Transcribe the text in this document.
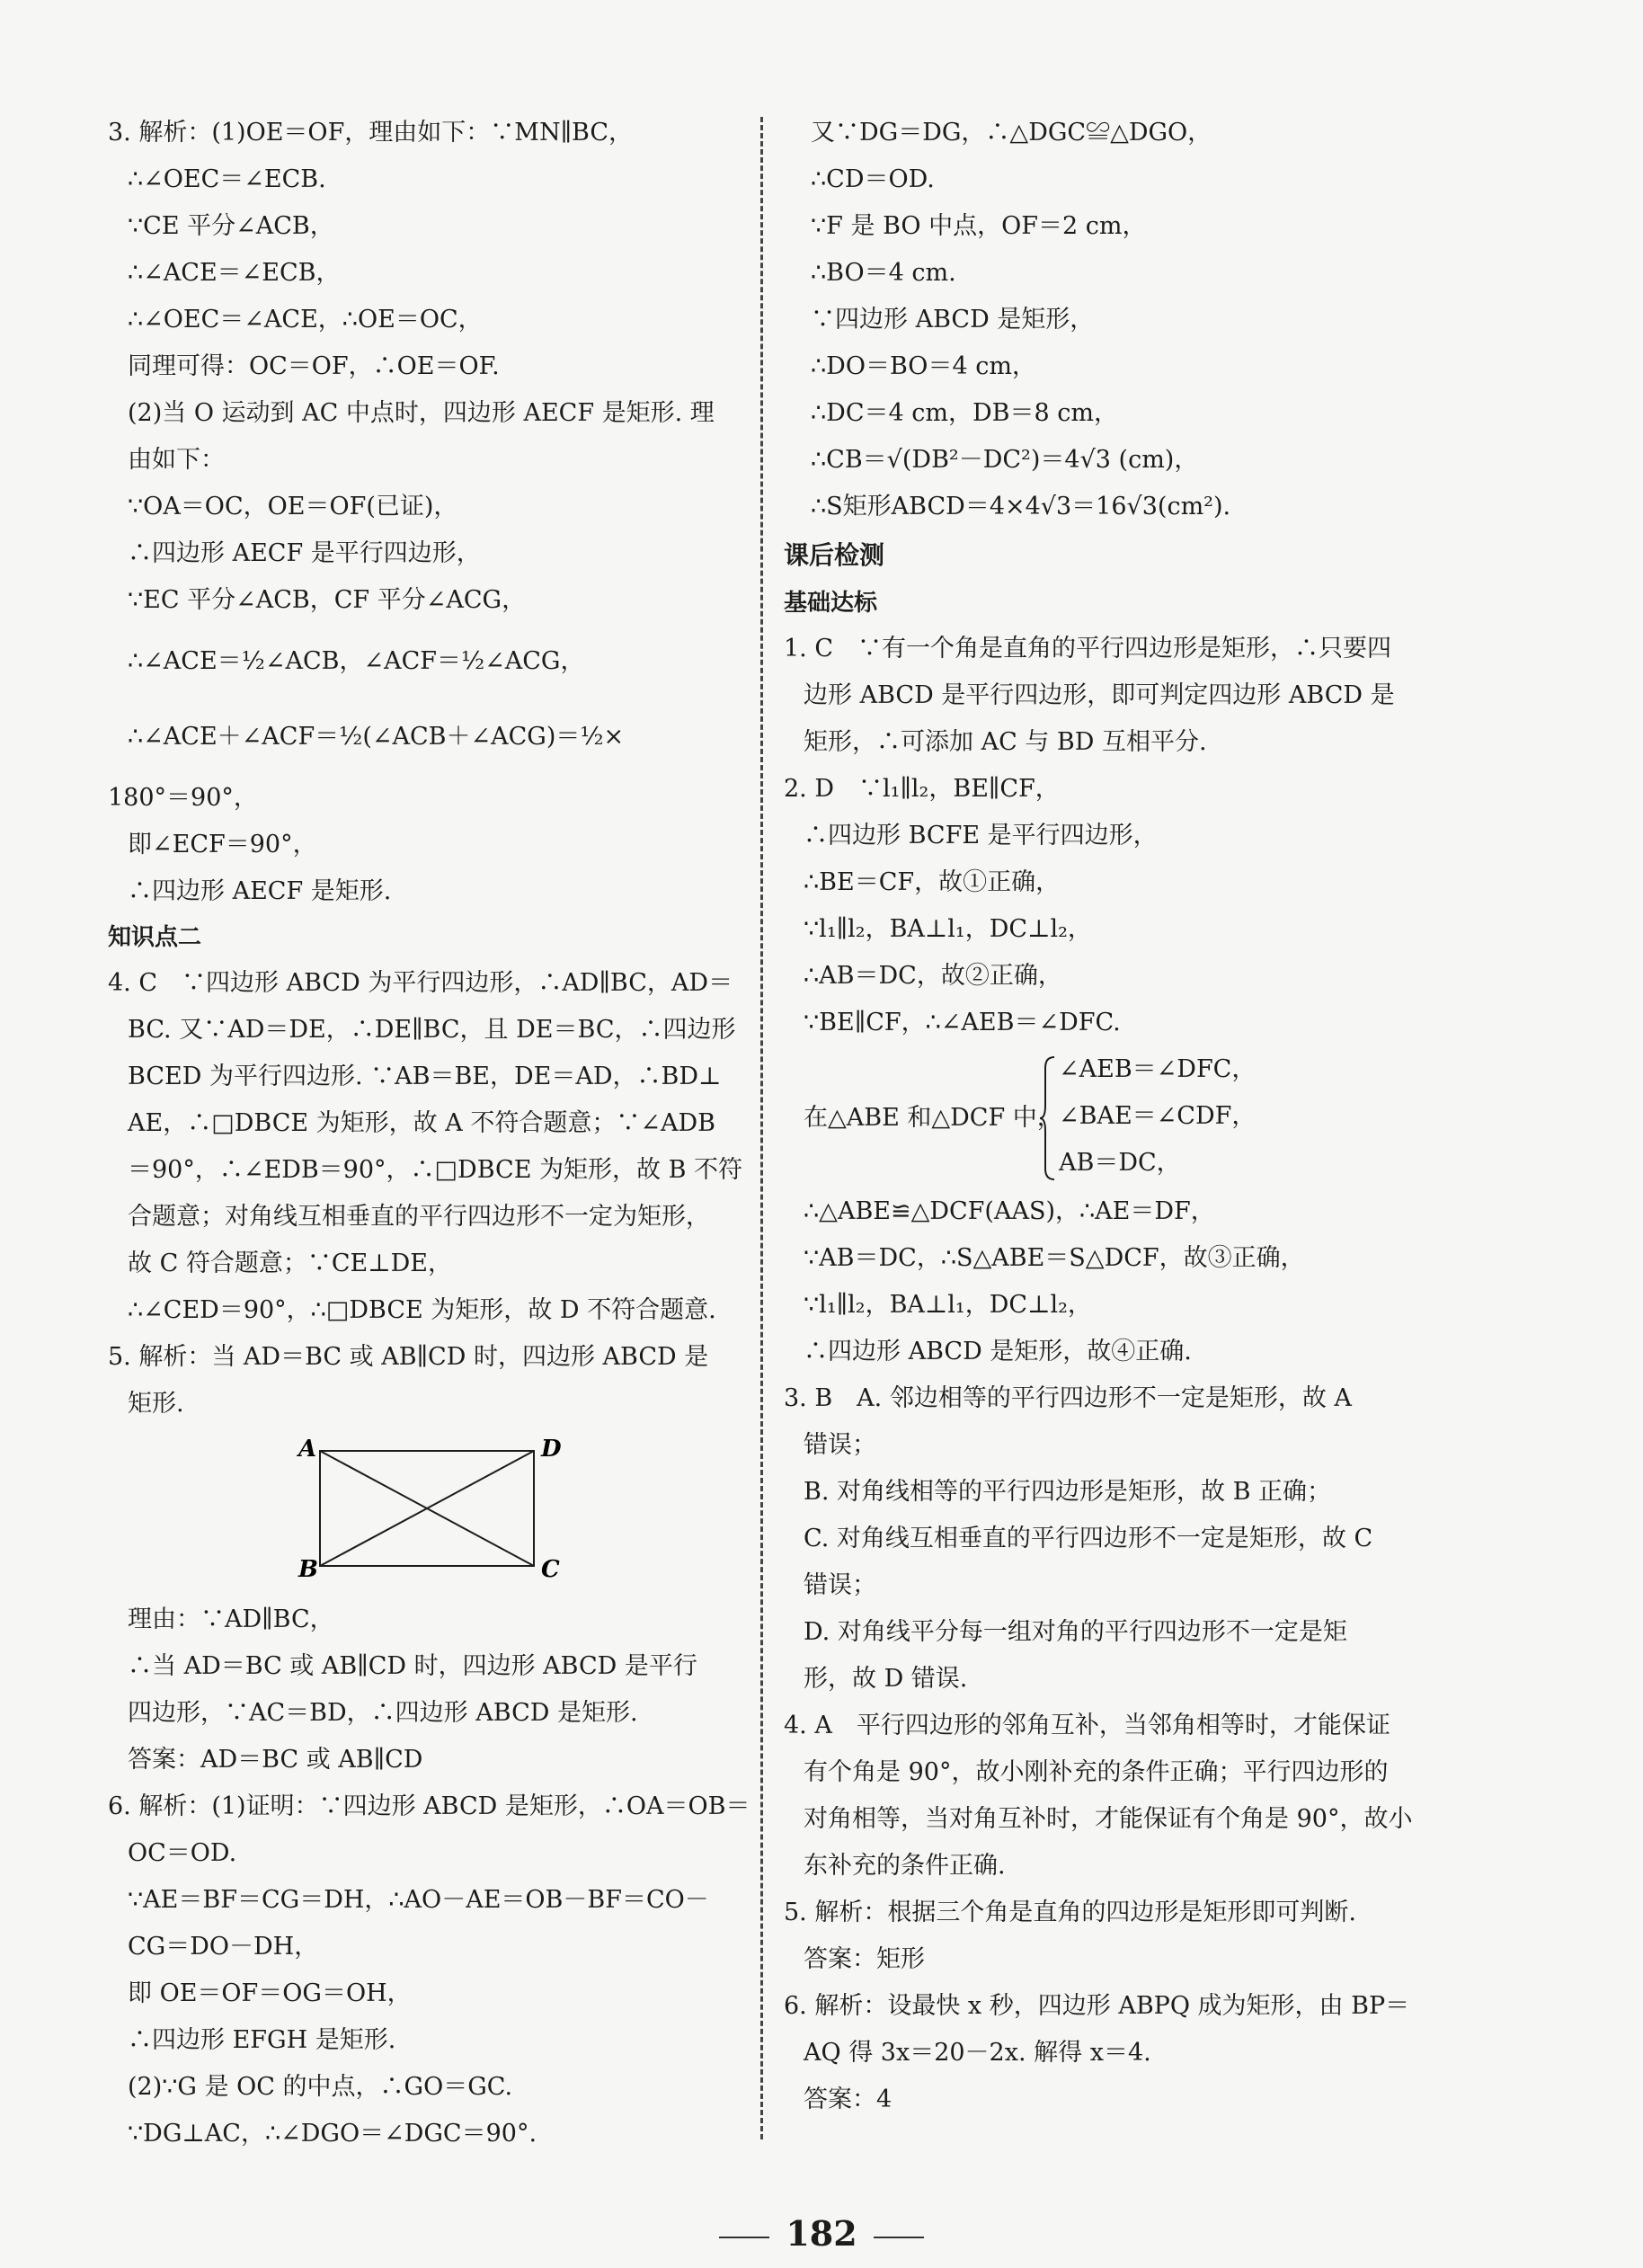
3. 解析：(1)OE＝OF，理由如下：∵MN∥BC，
∴∠OEC＝∠ECB.
∵CE 平分∠ACB，
∴∠ACE＝∠ECB，
∴∠OEC＝∠ACE，∴OE＝OC，
同理可得：OC＝OF，∴OE＝OF.
(2)当 O 运动到 AC 中点时，四边形 AECF 是矩形. 理
由如下：
∵OA＝OC，OE＝OF(已证)，
∴四边形 AECF 是平行四边形，
∵EC 平分∠ACB，CF 平分∠ACG，
∴∠ACE＝½∠ACB，∠ACF＝½∠ACG，
∴∠ACE＋∠ACF＝½(∠ACB＋∠ACG)＝½×
180°＝90°，
即∠ECF＝90°，
∴四边形 AECF 是矩形.
知识点二
4. C　∵四边形 ABCD 为平行四边形，∴AD∥BC，AD＝
BC. 又∵AD＝DE，∴DE∥BC，且 DE＝BC，∴四边形
BCED 为平行四边形. ∵AB＝BE，DE＝AD，∴BD⊥
AE，∴□DBCE 为矩形，故 A 不符合题意；∵∠ADB
＝90°，∴∠EDB＝90°，∴□DBCE 为矩形，故 B 不符
合题意；对角线互相垂直的平行四边形不一定为矩形，
故 C 符合题意；∵CE⊥DE，
∴∠CED＝90°，∴□DBCE 为矩形，故 D 不符合题意.
5. 解析：当 AD＝BC 或 AB∥CD 时，四边形 ABCD 是
矩形.
A	D
B	C
理由：∵AD∥BC，
∴当 AD＝BC 或 AB∥CD 时，四边形 ABCD 是平行
四边形，∵AC＝BD，∴四边形 ABCD 是矩形.
答案：AD＝BC 或 AB∥CD
6. 解析：(1)证明：∵四边形 ABCD 是矩形，∴OA＝OB＝
OC＝OD.
∵AE＝BF＝CG＝DH，∴AO－AE＝OB－BF＝CO－
CG＝DO－DH，
即 OE＝OF＝OG＝OH，
∴四边形 EFGH 是矩形.
(2)∵G 是 OC 的中点，∴GO＝GC.
∵DG⊥AC，∴∠DGO＝∠DGC＝90°.
又∵DG＝DG，∴△DGC≌△DGO，
∴CD＝OD.
∵F 是 BO 中点，OF＝2 cm，
∴BO＝4 cm.
∵四边形 ABCD 是矩形，
∴DO＝BO＝4 cm，
∴DC＝4 cm，DB＝8 cm，
∴CB＝√(DB²－DC²)＝4√3 (cm)，
∴S矩形ABCD＝4×4√3＝16√3(cm²).
课后检测
基础达标
1. C　∵有一个角是直角的平行四边形是矩形，∴只要四
边形 ABCD 是平行四边形，即可判定四边形 ABCD 是
矩形，∴可添加 AC 与 BD 互相平分.
2. D　∵l₁∥l₂，BE∥CF，
∴四边形 BCFE 是平行四边形，
∴BE＝CF，故①正确，
∵l₁∥l₂，BA⊥l₁，DC⊥l₂，
∴AB＝DC，故②正确，
∵BE∥CF，∴∠AEB＝∠DFC.
在△ABE 和△DCF 中，
∠AEB＝∠DFC，
∠BAE＝∠CDF，
AB＝DC，
∴△ABE≌△DCF(AAS)，∴AE＝DF，
∵AB＝DC，∴S△ABE＝S△DCF，故③正确，
∵l₁∥l₂，BA⊥l₁，DC⊥l₂，
∴四边形 ABCD 是矩形，故④正确.
3. B　A. 邻边相等的平行四边形不一定是矩形，故 A
错误；
B. 对角线相等的平行四边形是矩形，故 B 正确；
C. 对角线互相垂直的平行四边形不一定是矩形，故 C
错误；
D. 对角线平分每一组对角的平行四边形不一定是矩
形，故 D 错误.
4. A　平行四边形的邻角互补，当邻角相等时，才能保证
有个角是 90°，故小刚补充的条件正确；平行四边形的
对角相等，当对角互补时，才能保证有个角是 90°，故小
东补充的条件正确.
5. 解析：根据三个角是直角的四边形是矩形即可判断.
答案：矩形
6. 解析：设最快 x 秒，四边形 ABPQ 成为矩形，由 BP＝
AQ 得 3x＝20－2x. 解得 x＝4.
答案：4
182
